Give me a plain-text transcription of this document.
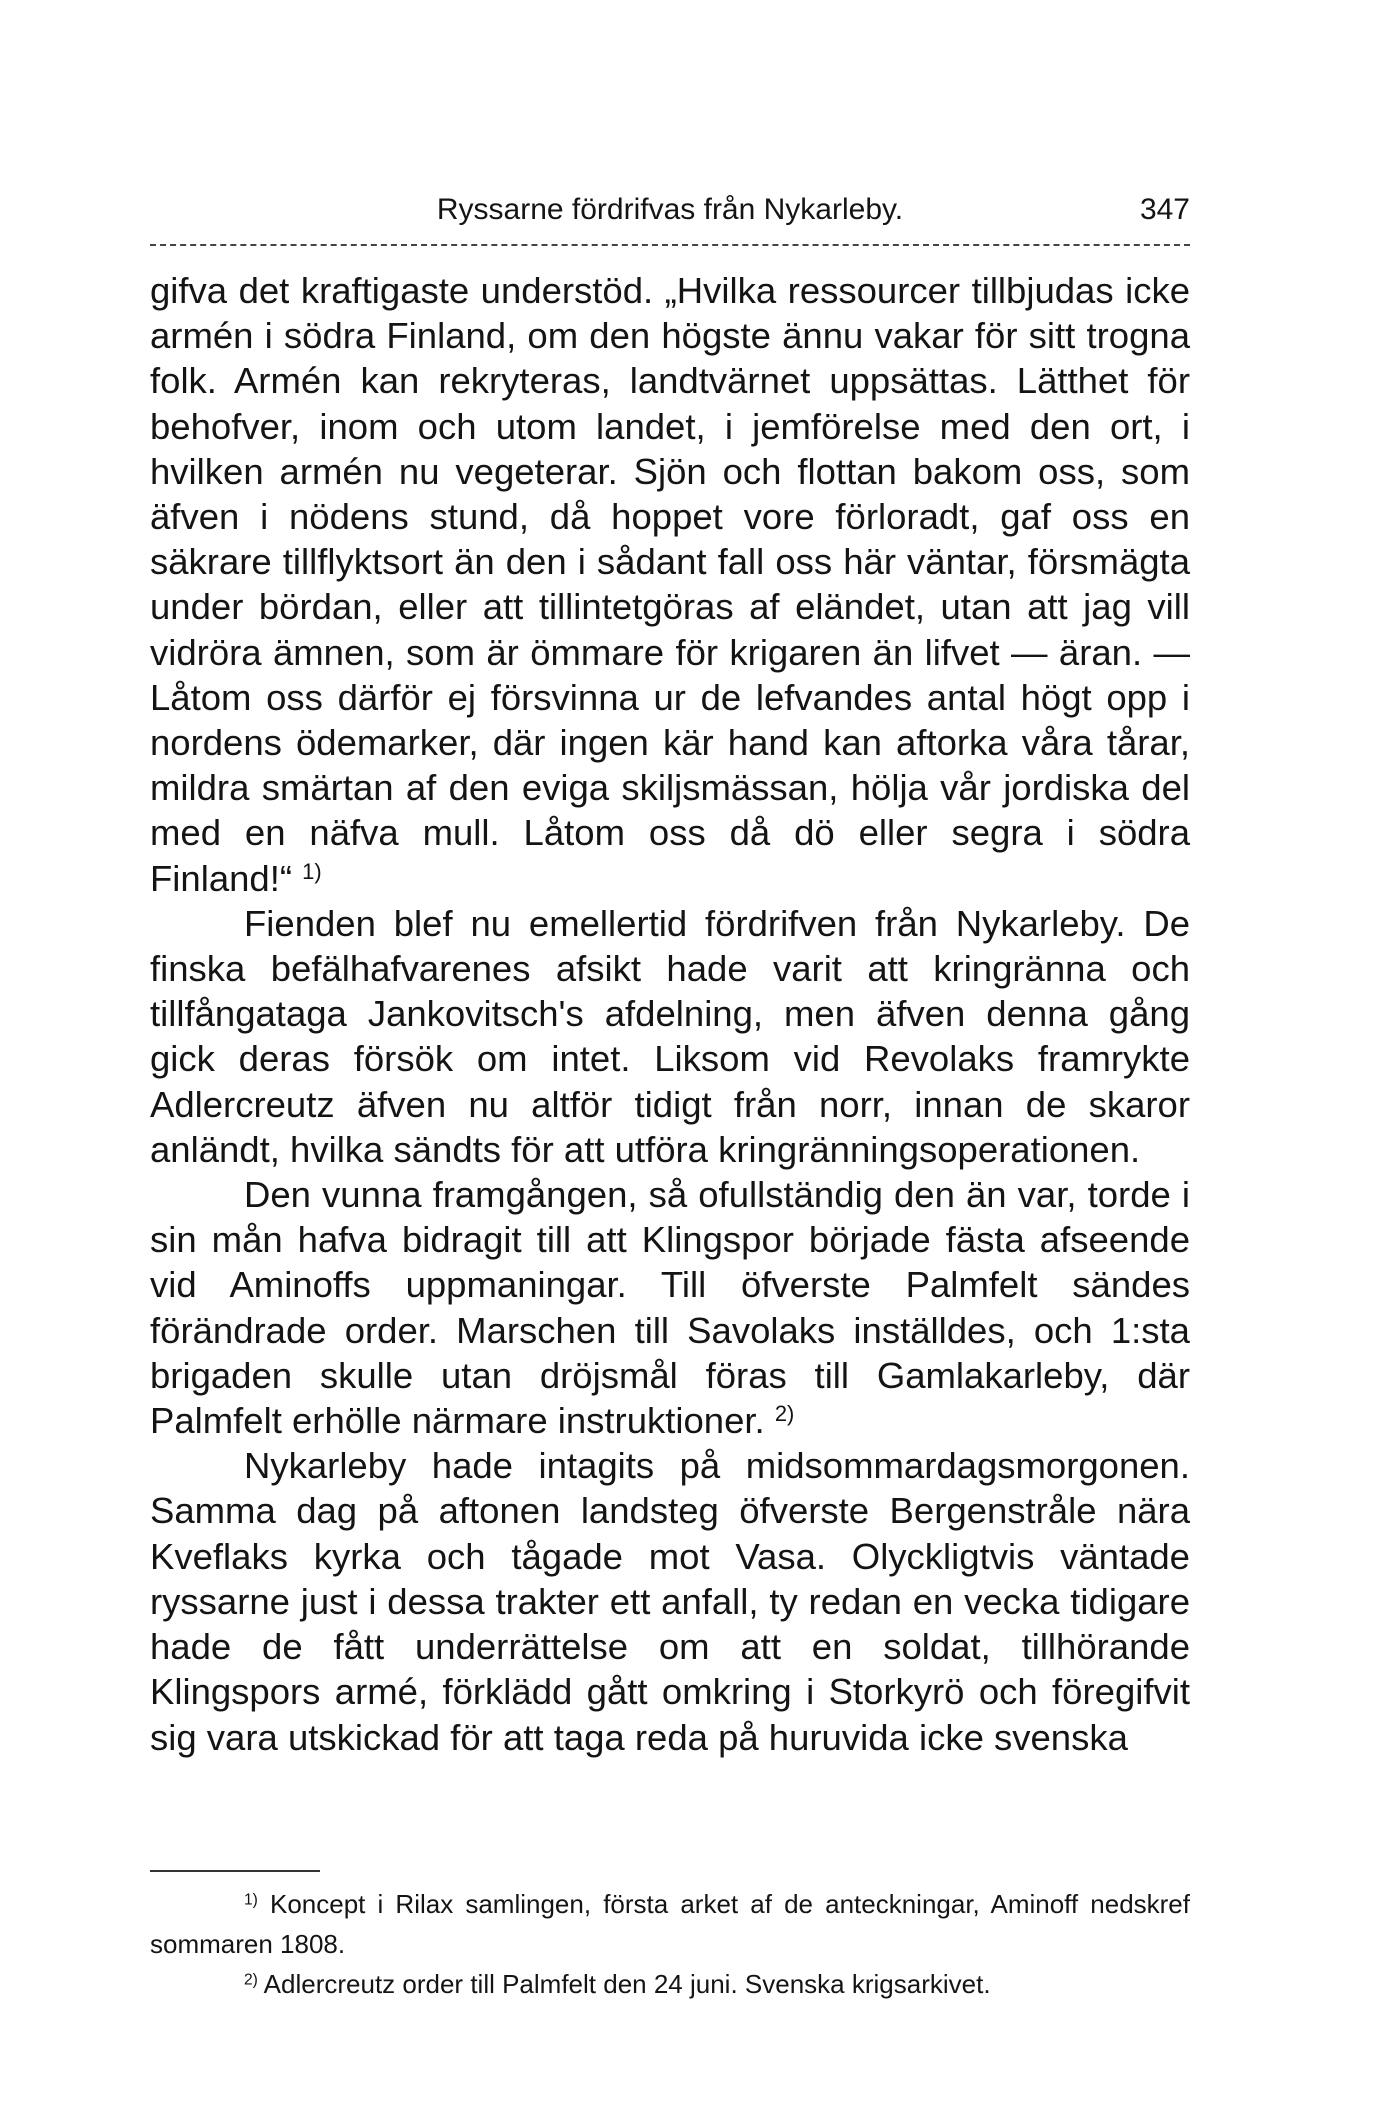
Ryssarne fördrifvas från Nykarleby.	347

gifva det kraftigaste understöd. „Hvilka ressourcer tillbjudas icke armén i södra Finland, om den högste ännu vakar för sitt trogna folk. Armén kan rekryteras, landtvärnet uppsättas. Lätthet för behofver, inom och utom landet, i jemförelse med den ort, i hvilken armén nu vegeterar. Sjön och flottan bakom oss, som äfven i nödens stund, då hoppet vore förloradt, gaf oss en säkrare tillflyktsort än den i sådant fall oss här väntar, försmägta under bördan, eller att tillintetgöras af eländet, utan att jag vill vidröra ämnen, som är ömmare för krigaren än lifvet — äran. — Låtom oss därför ej försvinna ur de lefvandes antal högt opp i nordens ödemarker, där ingen kär hand kan aftorka våra tårar, mildra smärtan af den eviga skiljsmässan, hölja vår jordiska del med en näfva mull. Låtom oss då dö eller segra i södra Finland!“ $^{1)}$

Fienden blef nu emellertid fördrifven från Nykarleby. De finska befälhafvarenes afsikt hade varit att kringränna och tillfångataga Jankovitsch's afdelning, men äfven denna gång gick deras försök om intet. Liksom vid Revolaks framrykte Adlercreutz äfven nu altför tidigt från norr, innan de skaror anländt, hvilka sändts för att utföra kringränningsoperationen.

Den vunna framgången, så ofullständig den än var, torde i sin mån hafva bidragit till att Klingspor började fästa afseende vid Aminoffs uppmaningar. Till öfverste Palmfelt sändes förändrade order. Marschen till Savolaks inställdes, och 1:sta brigaden skulle utan dröjsmål föras till Gamlakarleby, där Palmfelt erhölle närmare instruktioner. $^{2)}$

Nykarleby hade intagits på midsommardagsmorgonen. Samma dag på aftonen landsteg öfverste Bergenstråle nära Kveflaks kyrka och tågade mot Vasa. Olyckligtvis väntade ryssarne just i dessa trakter ett anfall, ty redan en vecka tidigare hade de fått underrättelse om att en soldat, tillhörande Klingspors armé, förklädd gått omkring i Storkyrö och föregifvit sig vara utskickad för att taga reda på huruvida icke svenska

$^{1)}$ Koncept i Rilax samlingen, första arket af de anteckningar, Aminoff nedskref sommaren 1808.

$^{2)}$ Adlercreutz order till Palmfelt den 24 juni. Svenska krigsarkivet.
